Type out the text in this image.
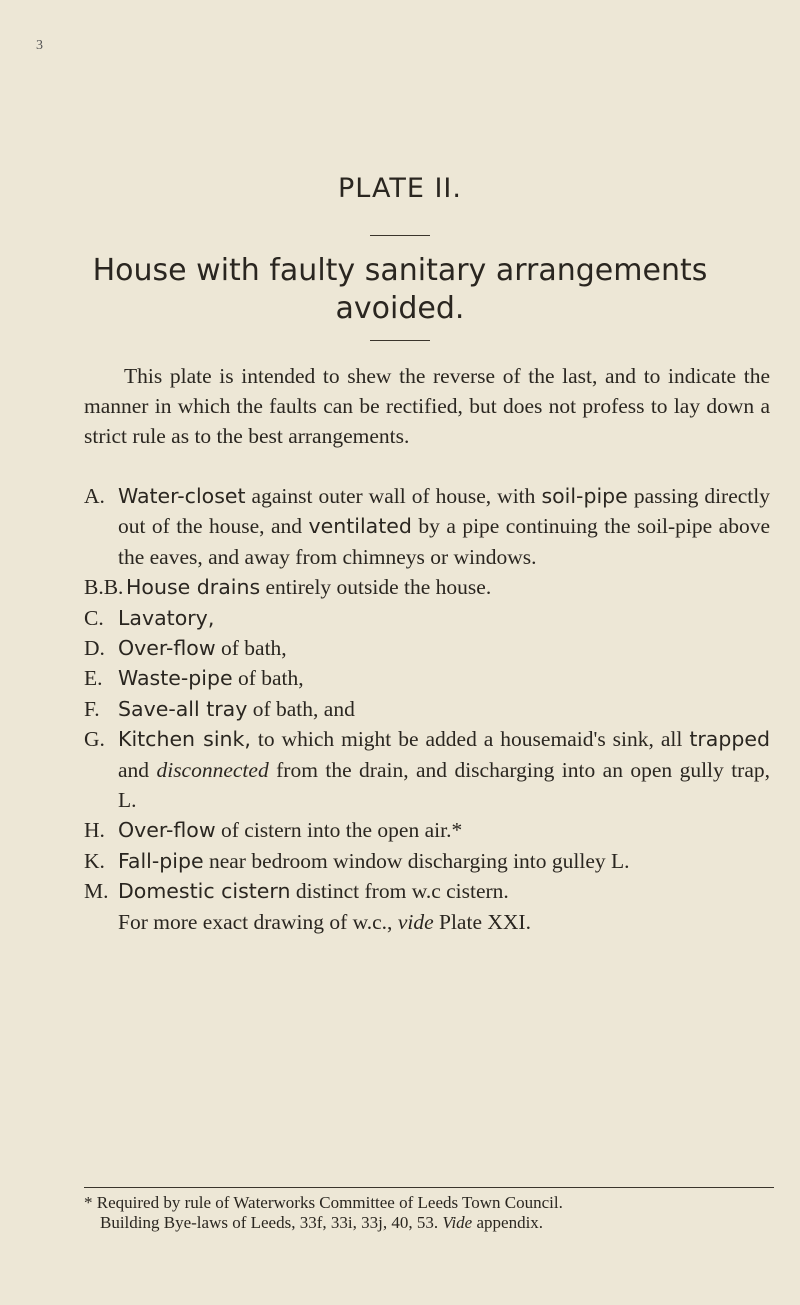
3
PLATE II.
House with faulty sanitary arrangements avoided.
This plate is intended to shew the reverse of the last, and to indicate the manner in which the faults can be rectified, but does not profess to lay down a strict rule as to the best arrangements.
A. Water-closet against outer wall of house, with soil-pipe passing directly out of the house, and ventilated by a pipe continuing the soil-pipe above the eaves, and away from chimneys or windows.
B.B. House drains entirely outside the house.
C. Lavatory,
D. Over-flow of bath,
E. Waste-pipe of bath,
F. Save-all tray of bath, and
G. Kitchen sink, to which might be added a housemaid's sink, all trapped and disconnected from the drain, and discharging into an open gully trap, L.
H. Over-flow of cistern into the open air.*
K. Fall-pipe near bedroom window discharging into gulley L.
M. Domestic cistern distinct from w.c cistern.
For more exact drawing of w.c., vide Plate XXI.
* Required by rule of Waterworks Committee of Leeds Town Council.
Building Bye-laws of Leeds, 33f, 33i, 33j, 40, 53. Vide appendix.
